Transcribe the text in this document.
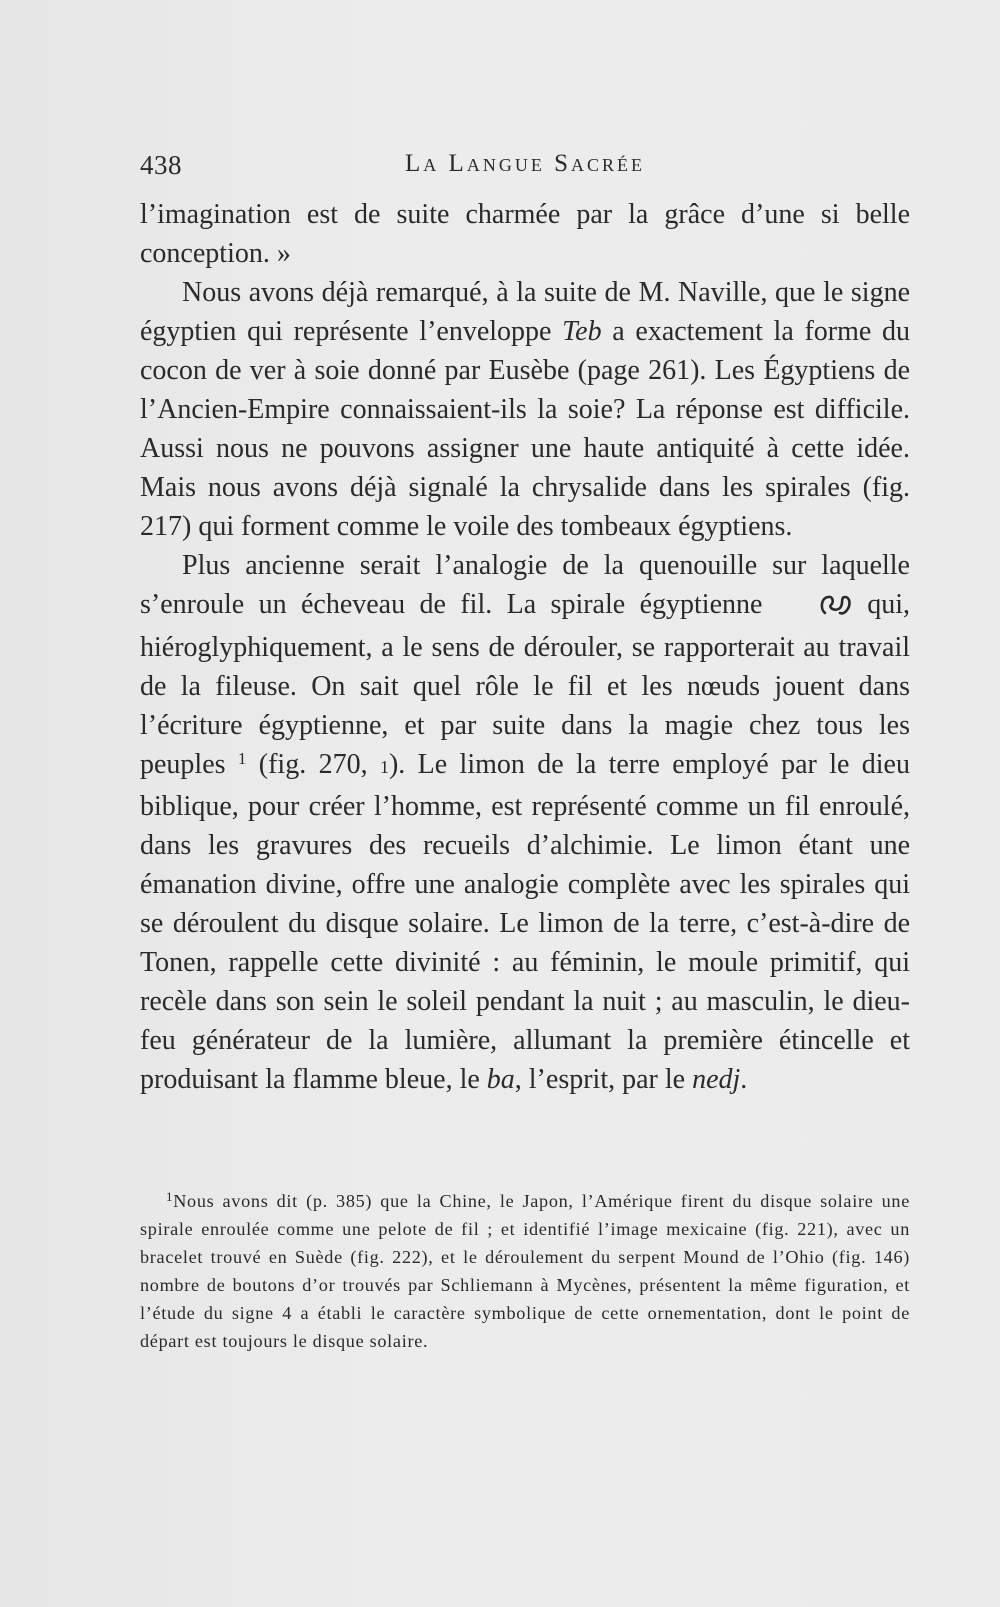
438	La Langue Sacrée

l’imagination est de suite charmée par la grâce d’une si belle conception. »

Nous avons déjà remarqué, à la suite de M. Naville, que le signe égyptien qui représente l’enveloppe Teb a exactement la forme du cocon de ver à soie donné par Eusèbe (page 261). Les Égyptiens de l’Ancien-Empire connaissaient-ils la soie? La réponse est difficile. Aussi nous ne pouvons assigner une haute antiquité à cette idée. Mais nous avons déjà signalé la chrysalide dans les spirales (fig. 217) qui forment comme le voile des tombeaux égyptiens.

Plus ancienne serait l’analogie de la quenouille sur laquelle s’enroule un écheveau de fil. La spirale égyptienne	qui, hiéroglyphiquement, a le sens de dérouler, se rapporterait au travail de la fileuse. On sait quel rôle le fil et les nœuds jouent dans l’écriture égyptienne, et par suite dans la magie chez tous les peuples $^1$ (fig. 270, 1). Le limon de la terre employé par le dieu biblique, pour créer l’homme, est représenté comme un fil enroulé, dans les gravures des recueils d’alchimie. Le limon étant une émanation divine, offre une analogie complète avec les spirales qui se déroulent du disque solaire. Le limon de la terre, c’est-à-dire de Tonen, rappelle cette divinité : au féminin, le moule primitif, qui recèle dans son sein le soleil pendant la nuit ; au masculin, le dieu-feu générateur de la lumière, allumant la première étincelle et produisant la flamme bleue, le ba, l’esprit, par le nedj.

$^1$Nous avons dit (p. 385) que la Chine, le Japon, l’Amérique firent du disque solaire une spirale enroulée comme une pelote de fil ; et identifié l’image mexicaine (fig. 221), avec un bracelet trouvé en Suède (fig. 222), et le déroulement du serpent Mound de l’Ohio (fig. 146) nombre de boutons d’or trouvés par Schliemann à Mycènes, présentent la même figuration, et l’étude du signe 4 a établi le caractère symbolique de cette ornementation, dont le point de départ est toujours le disque solaire.
